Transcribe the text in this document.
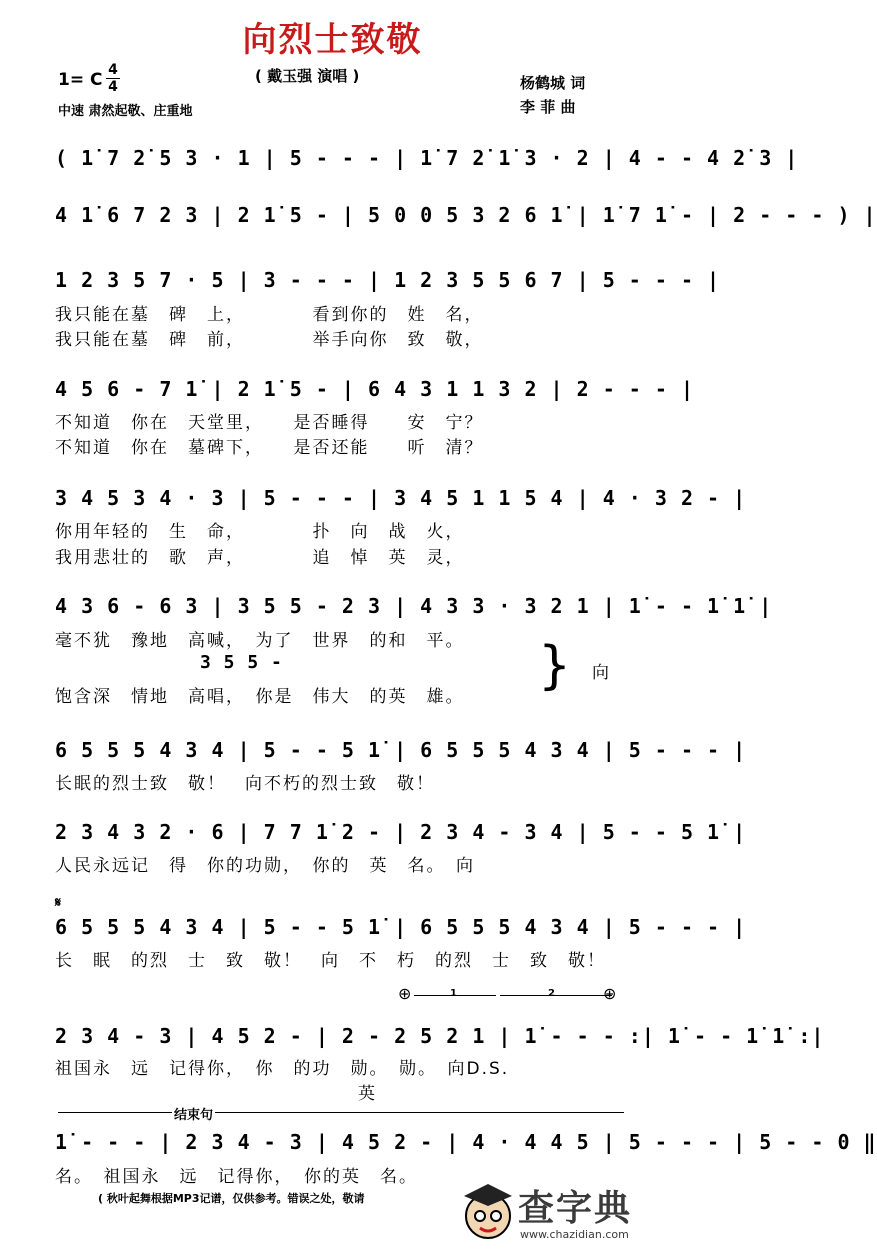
向烈士致敬
1= C 4
4
( 戴玉强 演唱 )	杨鹤城 词
李 菲 曲
中速 肃然起敬、庄重地
( 1̇ 7 2̇ 5 3 · 1 | 5 - - - | 1̇ 7 2̇ 1̇ 3 · 2 | 4 - - 4 2̇ 3 |
4 1̇ 6 7 2 3 | 2 1̇ 5 - | 5 0 0 5 3 2 6 1̇ | 1̇ 7 1̇ - | 2 - - - ) |
1 2 3 5 7 · 5 | 3 - - - | 1 2 3 5 5 6 7 | 5 - - - |
我只能在墓　碑　上，　　　　看到你的　姓　名，
我只能在墓　碑　前，　　　　举手向你　致　敬，
4 5 6 - 7 1̇ | 2 1̇ 5 - | 6 4 3 1 1 3 2 | 2 - - - |
不知道　你在　天堂里，　　是否睡得　　安　宁？
不知道　你在　墓碑下，　　是否还能　　听　清？
3 4 5 3 4 · 3 | 5 - - - | 3 4 5 1 1 5 4 | 4 · 3 2 - |
你用年轻的　生　命，　　　　扑　向　战　火，
我用悲壮的　歌　声，　　　　追　悼　英　灵，
4 3 6 - 6 3 | 3 5 5 - 2 3 | 4 3 3 · 3 2 1 | 1̇ - - 1̇ 1̇ |
毫不犹　豫地　高喊，　为了　世界　的和　平。
3 5 5 -
饱含深　情地　高唱，　你是　伟大　的英　雄。
} 向
6 5 5 5 4 3 4 | 5 - - 5 1̇ | 6 5 5 5 4 3 4 | 5 - - - |
长眠的烈士致　敬！　向不朽的烈士致　敬！
2 3 4 3 2 · 6 | 7 7 1̇ 2 - | 2 3 4 - 3 4 | 5 - - 5 1̇ |
人民永远记　得　你的功勋，　你的　英　名。　向
𝄋
6 5 5 5 4 3 4 | 5 - - 5 1̇ | 6 5 5 5 4 3 4 | 5 - - - |
长　眠　的烈　士　致　敬！　向　不　朽　的烈　士　致　敬！
⊕	1	2	⊕
2 3 4 - 3 | 4 5 2 - | 2 - 2 5 2 1 | 1̇ - - - :| 1̇ - - 1̇ 1̇ :|
祖国永　远　记得你，　你　的功　勋。　勋。　向D.S.
英
结束句
1̇ - - - | 2 3 4 - 3 | 4 5 2 - | 4 · 4 4 5 | 5 - - - | 5 - - 0 ‖
名。　祖国永　远　记得你，　你的英　名。
( 秋叶起舞根据MP3记谱，仅供参考。错误之处，敬请	查字典
www.chazidian.com
